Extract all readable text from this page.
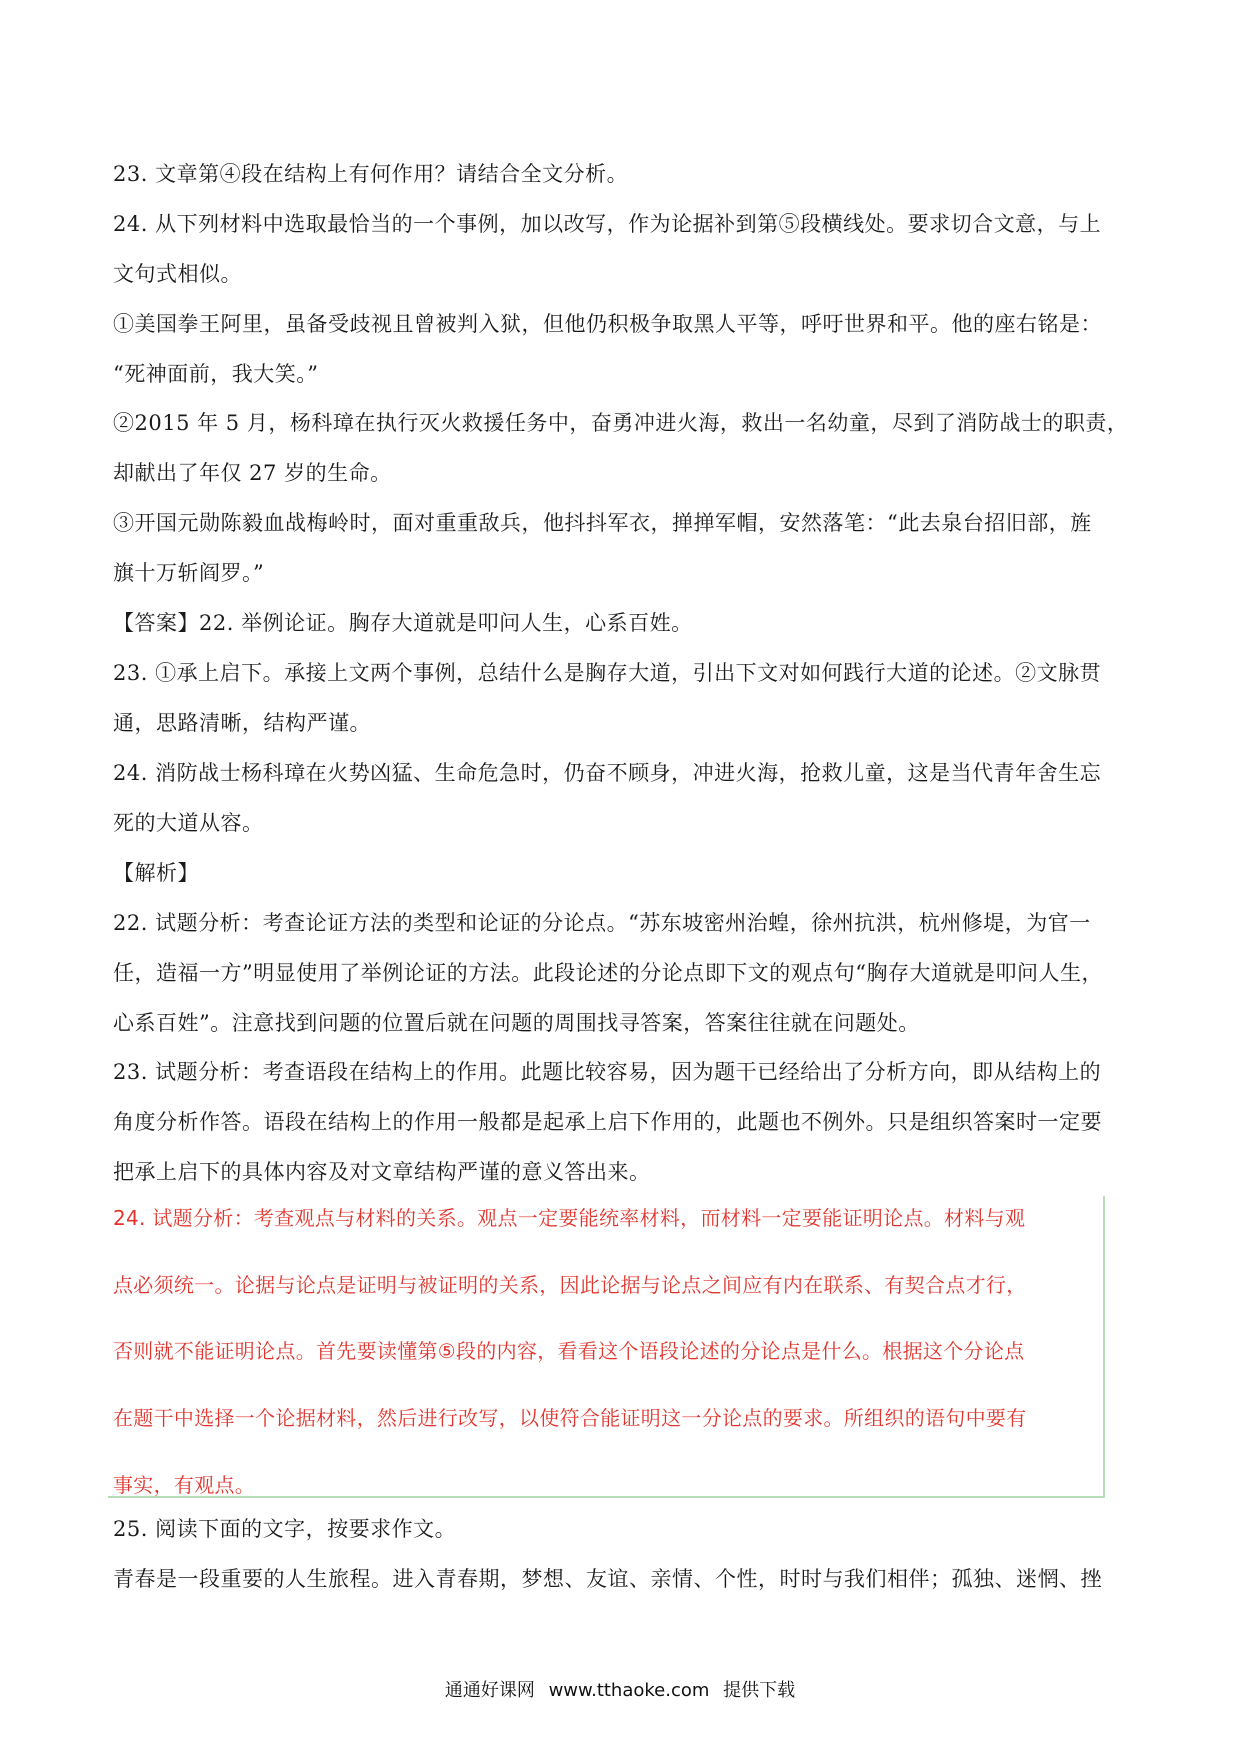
23. 文章第④段在结构上有何作用？请结合全文分析。
24. 从下列材料中选取最恰当的一个事例，加以改写，作为论据补到第⑤段横线处。要求切合文意，与上
文句式相似。
①美国拳王阿里，虽备受歧视且曾被判入狱，但他仍积极争取黑人平等，呼吁世界和平。他的座右铭是：
“死神面前，我大笑。”
②2015 年 5 月，杨科璋在执行灭火救援任务中，奋勇冲进火海，救出一名幼童，尽到了消防战士的职责，
却献出了年仅 27 岁的生命。
③开国元勋陈毅血战梅岭时，面对重重敌兵，他抖抖军衣，掸掸军帽，安然落笔：“此去泉台招旧部，旌
旗十万斩阎罗。”
【答案】22. 举例论证。胸存大道就是叩问人生，心系百姓。
23. ①承上启下。承接上文两个事例，总结什么是胸存大道，引出下文对如何践行大道的论述。②文脉贯
通，思路清晰，结构严谨。
24. 消防战士杨科璋在火势凶猛、生命危急时，仍奋不顾身，冲进火海，抢救儿童，这是当代青年舍生忘
死的大道从容。
【解析】
22. 试题分析：考查论证方法的类型和论证的分论点。“苏东坡密州治蝗，徐州抗洪，杭州修堤，为官一
任，造福一方”明显使用了举例论证的方法。此段论述的分论点即下文的观点句“胸存大道就是叩问人生，
心系百姓”。注意找到问题的位置后就在问题的周围找寻答案，答案往往就在问题处。
23. 试题分析：考查语段在结构上的作用。此题比较容易，因为题干已经给出了分析方向，即从结构上的
角度分析作答。语段在结构上的作用一般都是起承上启下作用的，此题也不例外。只是组织答案时一定要
把承上启下的具体内容及对文章结构严谨的意义答出来。
24. 试题分析：考查观点与材料的关系。观点一定要能统率材料，而材料一定要能证明论点。材料与观
点必须统一。论据与论点是证明与被证明的关系，因此论据与论点之间应有内在联系、有契合点才行，
否则就不能证明论点。首先要读懂第⑤段的内容，看看这个语段论述的分论点是什么。根据这个分论点
在题干中选择一个论据材料，然后进行改写，以使符合能证明这一分论点的要求。所组织的语句中要有
事实，有观点。
25. 阅读下面的文字，按要求作文。
青春是一段重要的人生旅程。进入青春期，梦想、友谊、亲情、个性，时时与我们相伴；孤独、迷惘、挫
通通好课网 www.tthaoke.com 提供下载
